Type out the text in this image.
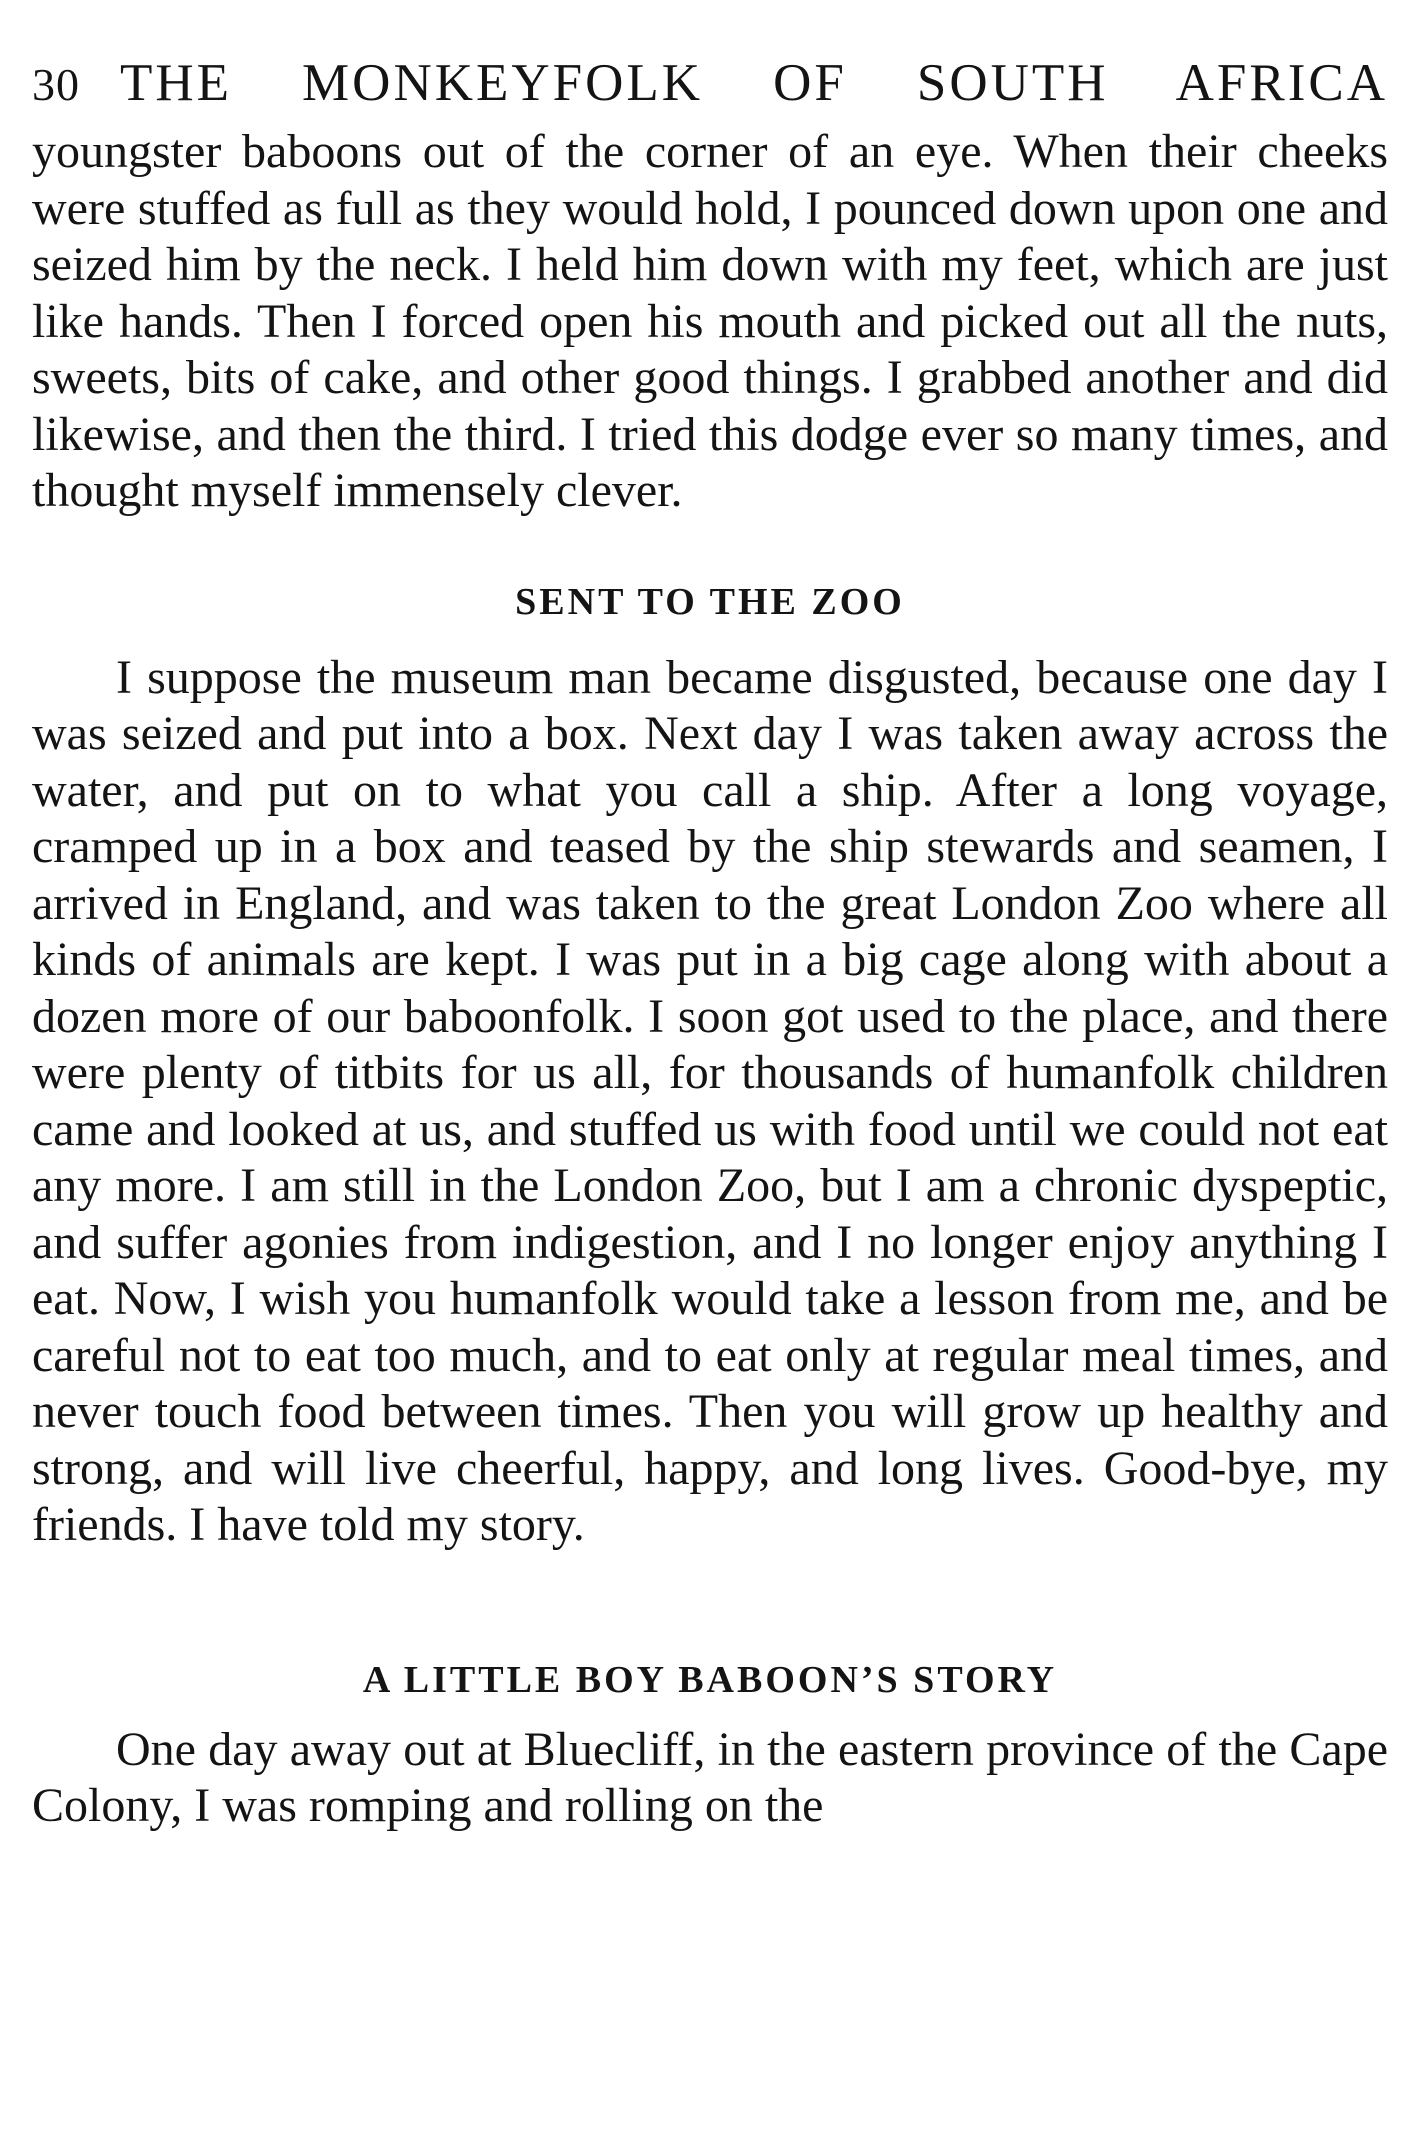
30 THE MONKEYFOLK OF SOUTH AFRICA

youngster baboons out of the corner of an eye. When their cheeks were stuffed as full as they would hold, I pounced down upon one and seized him by the neck. I held him down with my feet, which are just like hands. Then I forced open his mouth and picked out all the nuts, sweets, bits of cake, and other good things. I grabbed another and did likewise, and then the third. I tried this dodge ever so many times, and thought myself immensely clever.

SENT TO THE ZOO

I suppose the museum man became disgusted, because one day I was seized and put into a box. Next day I was taken away across the water, and put on to what you call a ship. After a long voyage, cramped up in a box and teased by the ship stewards and seamen, I arrived in England, and was taken to the great London Zoo where all kinds of animals are kept. I was put in a big cage along with about a dozen more of our baboonfolk. I soon got used to the place, and there were plenty of titbits for us all, for thousands of humanfolk children came and looked at us, and stuffed us with food until we could not eat any more. I am still in the London Zoo, but I am a chronic dyspeptic, and suffer agonies from indigestion, and I no longer enjoy anything I eat. Now, I wish you humanfolk would take a lesson from me, and be careful not to eat too much, and to eat only at regular meal times, and never touch food between times. Then you will grow up healthy and strong, and will live cheerful, happy, and long lives. Good-bye, my friends. I have told my story.

A LITTLE BOY BABOON’S STORY

One day away out at Bluecliff, in the eastern province of the Cape Colony, I was romping and rolling on the
